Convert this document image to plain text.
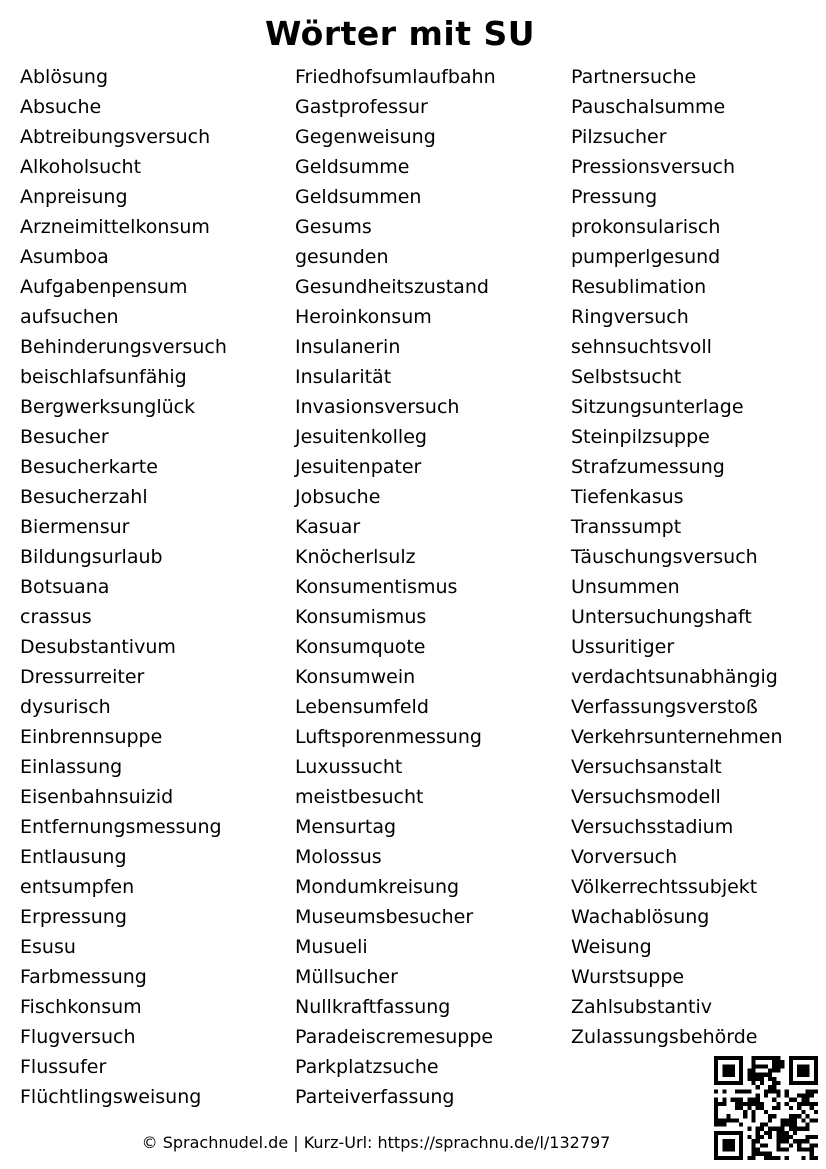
Wörter mit SU
Ablösung
Absuche
Abtreibungsversuch
Alkoholsucht
Anpreisung
Arzneimittelkonsum
Asumboa
Aufgabenpensum
aufsuchen
Behinderungsversuch
beischlafsunfähig
Bergwerksunglück
Besucher
Besucherkarte
Besucherzahl
Biermensur
Bildungsurlaub
Botsuana
crassus
Desubstantivum
Dressurreiter
dysurisch
Einbrennsuppe
Einlassung
Eisenbahnsuizid
Entfernungsmessung
Entlausung
entsumpfen
Erpressung
Esusu
Farbmessung
Fischkonsum
Flugversuch
Flussufer
Flüchtlingsweisung
Friedhofsumlaufbahn
Gastprofessur
Gegenweisung
Geldsumme
Geldsummen
Gesums
gesunden
Gesundheitszustand
Heroinkonsum
Insulanerin
Insularität
Invasionsversuch
Jesuitenkolleg
Jesuitenpater
Jobsuche
Kasuar
Knöcherlsulz
Konsumentismus
Konsumismus
Konsumquote
Konsumwein
Lebensumfeld
Luftsporenmessung
Luxussucht
meistbesucht
Mensurtag
Molossus
Mondumkreisung
Museumsbesucher
Musueli
Müllsucher
Nullkraftfassung
Paradeiscremesuppe
Parkplatzsuche
Parteiverfassung
Partnersuche
Pauschalsumme
Pilzsucher
Pressionsversuch
Pressung
prokonsularisch
pumperlgesund
Resublimation
Ringversuch
sehnsuchtsvoll
Selbstsucht
Sitzungsunterlage
Steinpilzsuppe
Strafzumessung
Tiefenkasus
Transsumpt
Täuschungsversuch
Unsummen
Untersuchungshaft
Ussuritiger
verdachtsunabhängig
Verfassungsverstoß
Verkehrsunternehmen
Versuchsanstalt
Versuchsmodell
Versuchsstadium
Vorversuch
Völkerrechtssubjekt
Wachablösung
Weisung
Wurstsuppe
Zahlsubstantiv
Zulassungsbehörde
© Sprachnudel.de | Kurz-Url: https://sprachnu.de/l/132797
